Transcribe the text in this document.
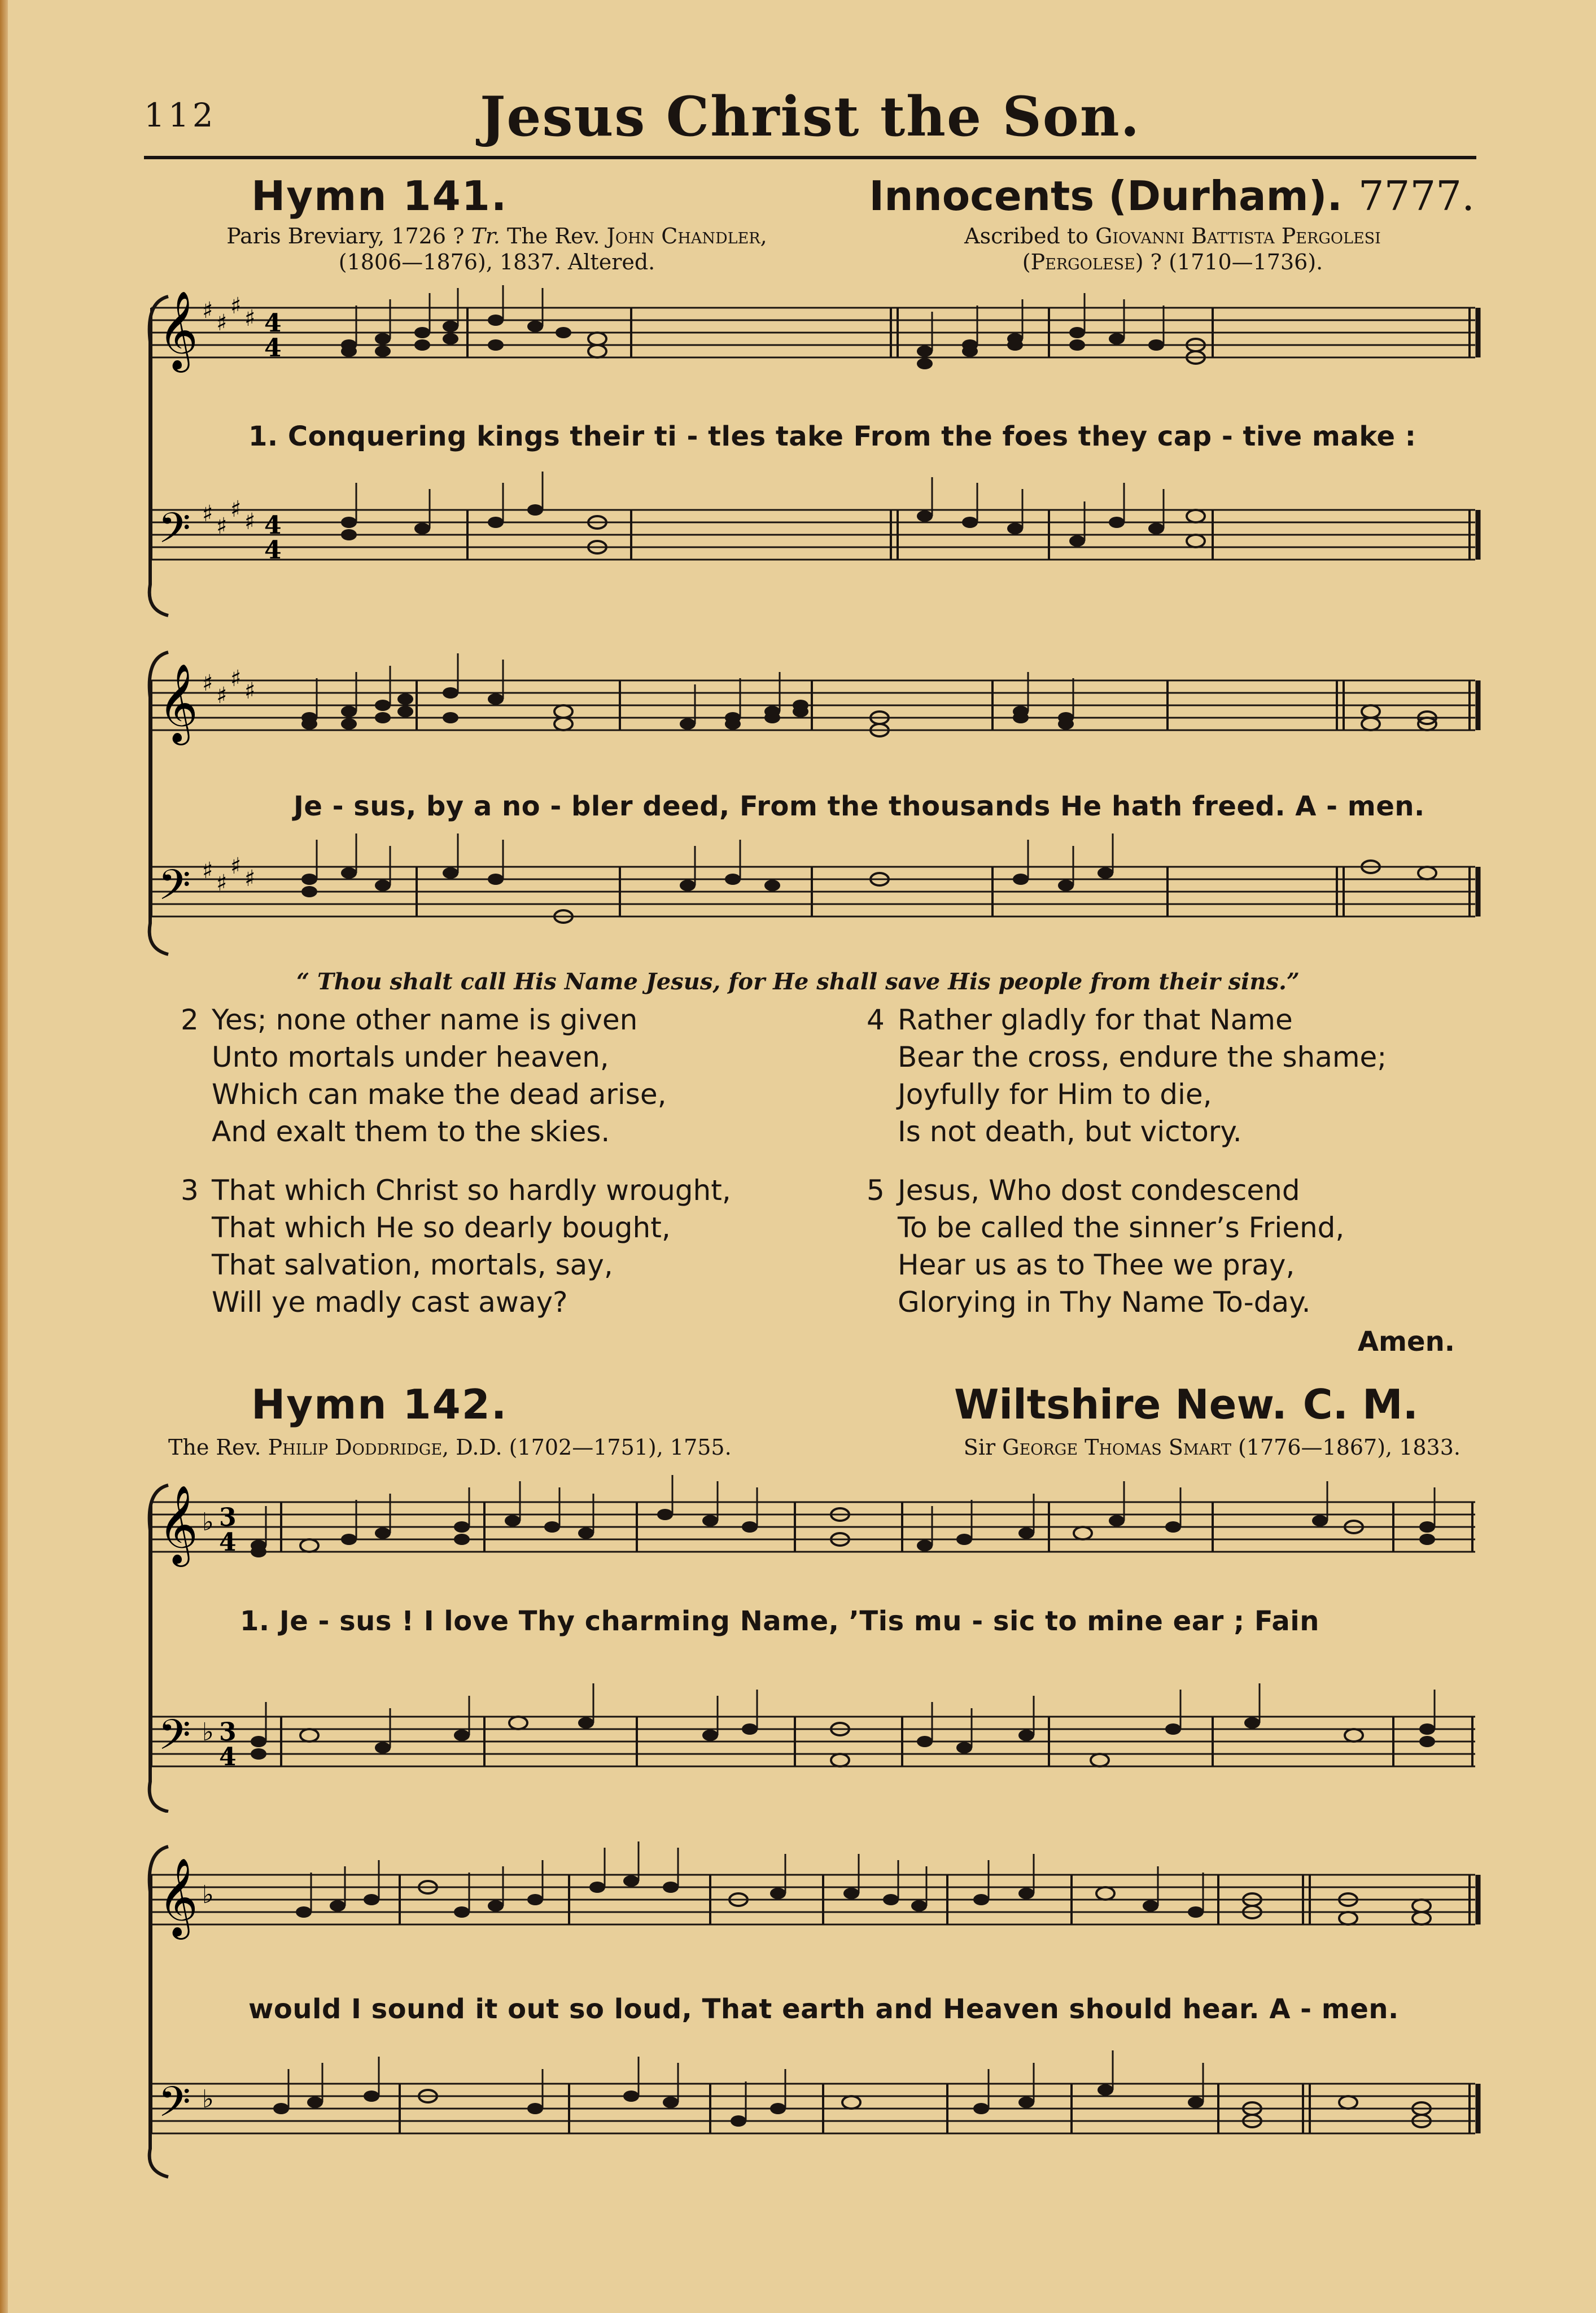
112	Jesus Christ the Son.
Hymn 141.	Innocents (Durham). 7777.
Paris Breviary, 1726 ? Tr. The Rev. John Chandler,
(1806—1876), 1837. Altered.
Ascribed to Giovanni Battista Pergolesi
(Pergolese) ? (1710—1736).
𝄞
𝄢
♯ ♯
♯ ♯
♯ ♯
♯ ♯
4
4
4
4
1. Conquering kings their ti - tles take From the foes they cap - tive make :
𝄞
𝄢
♯ ♯
♯ ♯
♯ ♯
♯ ♯
Je - sus, by a no - bler deed, From the thousands He hath freed. A - men.
“ Thou shalt call His Name Jesus, for He shall save His people from their sins.”
2 Yes; none other name is given
Unto mortals under heaven,
Which can make the dead arise,
And exalt them to the skies.
3 That which Christ so hardly wrought,
That which He so dearly bought,
That salvation, mortals, say,
Will ye madly cast away?
4 Rather gladly for that Name
Bear the cross, endure the shame;
Joyfully for Him to die,
Is not death, but victory.
5 Jesus, Who dost condescend
To be called the sinner’s Friend,
Hear us as to Thee we pray,
Glorying in Thy Name To-day.
Amen.
Hymn 142.	Wiltshire New. C. M.
The Rev. Philip Doddridge, D.D. (1702—1751), 1755.	Sir George Thomas Smart (1776—1867), 1833.
𝄞
𝄢
♭
♭
3
4
3
4
1. Je - sus ! I love Thy charming Name, ’Tis mu - sic to mine ear ; Fain
𝄞
𝄢
♭
♭
would I sound it out so loud, That earth and Heaven should hear. A - men.
